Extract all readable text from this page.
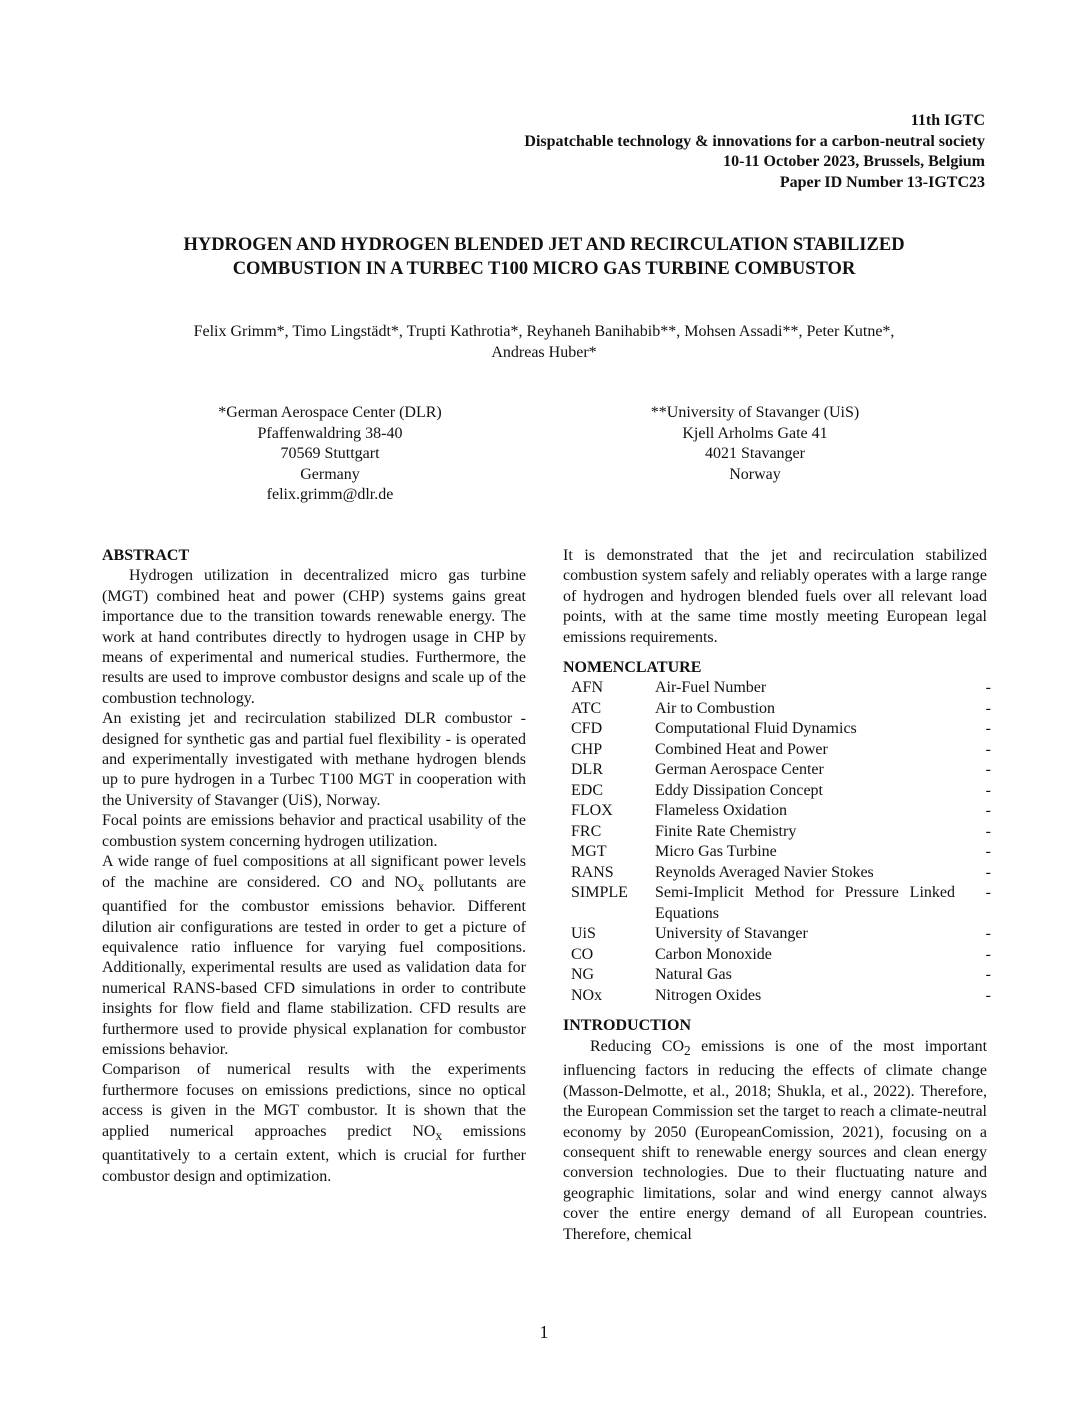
11th IGTC
Dispatchable technology & innovations for a carbon-neutral society
10-11 October 2023, Brussels, Belgium
Paper ID Number 13-IGTC23
HYDROGEN AND HYDROGEN BLENDED JET AND RECIRCULATION STABILIZED
COMBUSTION IN A TURBEC T100 MICRO GAS TURBINE COMBUSTOR
Felix Grimm*, Timo Lingstädt*, Trupti Kathrotia*, Reyhaneh Banihabib**, Mohsen Assadi**, Peter Kutne*,
Andreas Huber*
*German Aerospace Center (DLR)
Pfaffenwaldring 38-40
70569 Stuttgart
Germany
felix.grimm@dlr.de
**University of Stavanger (UiS)
Kjell Arholms Gate 41
4021 Stavanger
Norway
ABSTRACT
Hydrogen utilization in decentralized micro gas turbine (MGT) combined heat and power (CHP) systems gains great importance due to the transition towards renewable energy. The work at hand contributes directly to hydrogen usage in CHP by means of experimental and numerical studies. Furthermore, the results are used to improve combustor designs and scale up of the combustion technology.
An existing jet and recirculation stabilized DLR combustor - designed for synthetic gas and partial fuel flexibility - is operated and experimentally investigated with methane hydrogen blends up to pure hydrogen in a Turbec T100 MGT in cooperation with the University of Stavanger (UiS), Norway.
Focal points are emissions behavior and practical usability of the combustion system concerning hydrogen utilization.
A wide range of fuel compositions at all significant power levels of the machine are considered. CO and $NO_x$ pollutants are quantified for the combustor emissions behavior. Different dilution air configurations are tested in order to get a picture of equivalence ratio influence for varying fuel compositions. Additionally, experimental results are used as validation data for numerical RANS-based CFD simulations in order to contribute insights for flow field and flame stabilization. CFD results are furthermore used to provide physical explanation for combustor emissions behavior.
Comparison of numerical results with the experiments furthermore focuses on emissions predictions, since no optical access is given in the MGT combustor. It is shown that the applied numerical approaches predict $NO_x$ emissions quantitatively to a certain extent, which is crucial for further combustor design and optimization.
It is demonstrated that the jet and recirculation stabilized combustion system safely and reliably operates with a large range of hydrogen and hydrogen blended fuels over all relevant load points, with at the same time mostly meeting European legal emissions requirements.
NOMENCLATURE
AFN	Air-Fuel Number	-
ATC	Air to Combustion	-
CFD	Computational Fluid Dynamics	-
CHP	Combined Heat and Power	-
DLR	German Aerospace Center	-
EDC	Eddy Dissipation Concept	-
FLOX	Flameless Oxidation	-
FRC	Finite Rate Chemistry	-
MGT	Micro Gas Turbine	-
RANS	Reynolds Averaged Navier Stokes	-
SIMPLE	Semi-Implicit Method for Pressure Linked Equations	-
UiS	University of Stavanger	-
CO	Carbon Monoxide	-
NG	Natural Gas	-
NOx	Nitrogen Oxides	-
INTRODUCTION
Reducing $CO_2$ emissions is one of the most important influencing factors in reducing the effects of climate change (Masson-Delmotte, et al., 2018; Shukla, et al., 2022). Therefore, the European Commission set the target to reach a climate-neutral economy by 2050 (EuropeanComission, 2021), focusing on a consequent shift to renewable energy sources and clean energy conversion technologies. Due to their fluctuating nature and geographic limitations, solar and wind energy cannot always cover the entire energy demand of all European countries. Therefore, chemical
1
